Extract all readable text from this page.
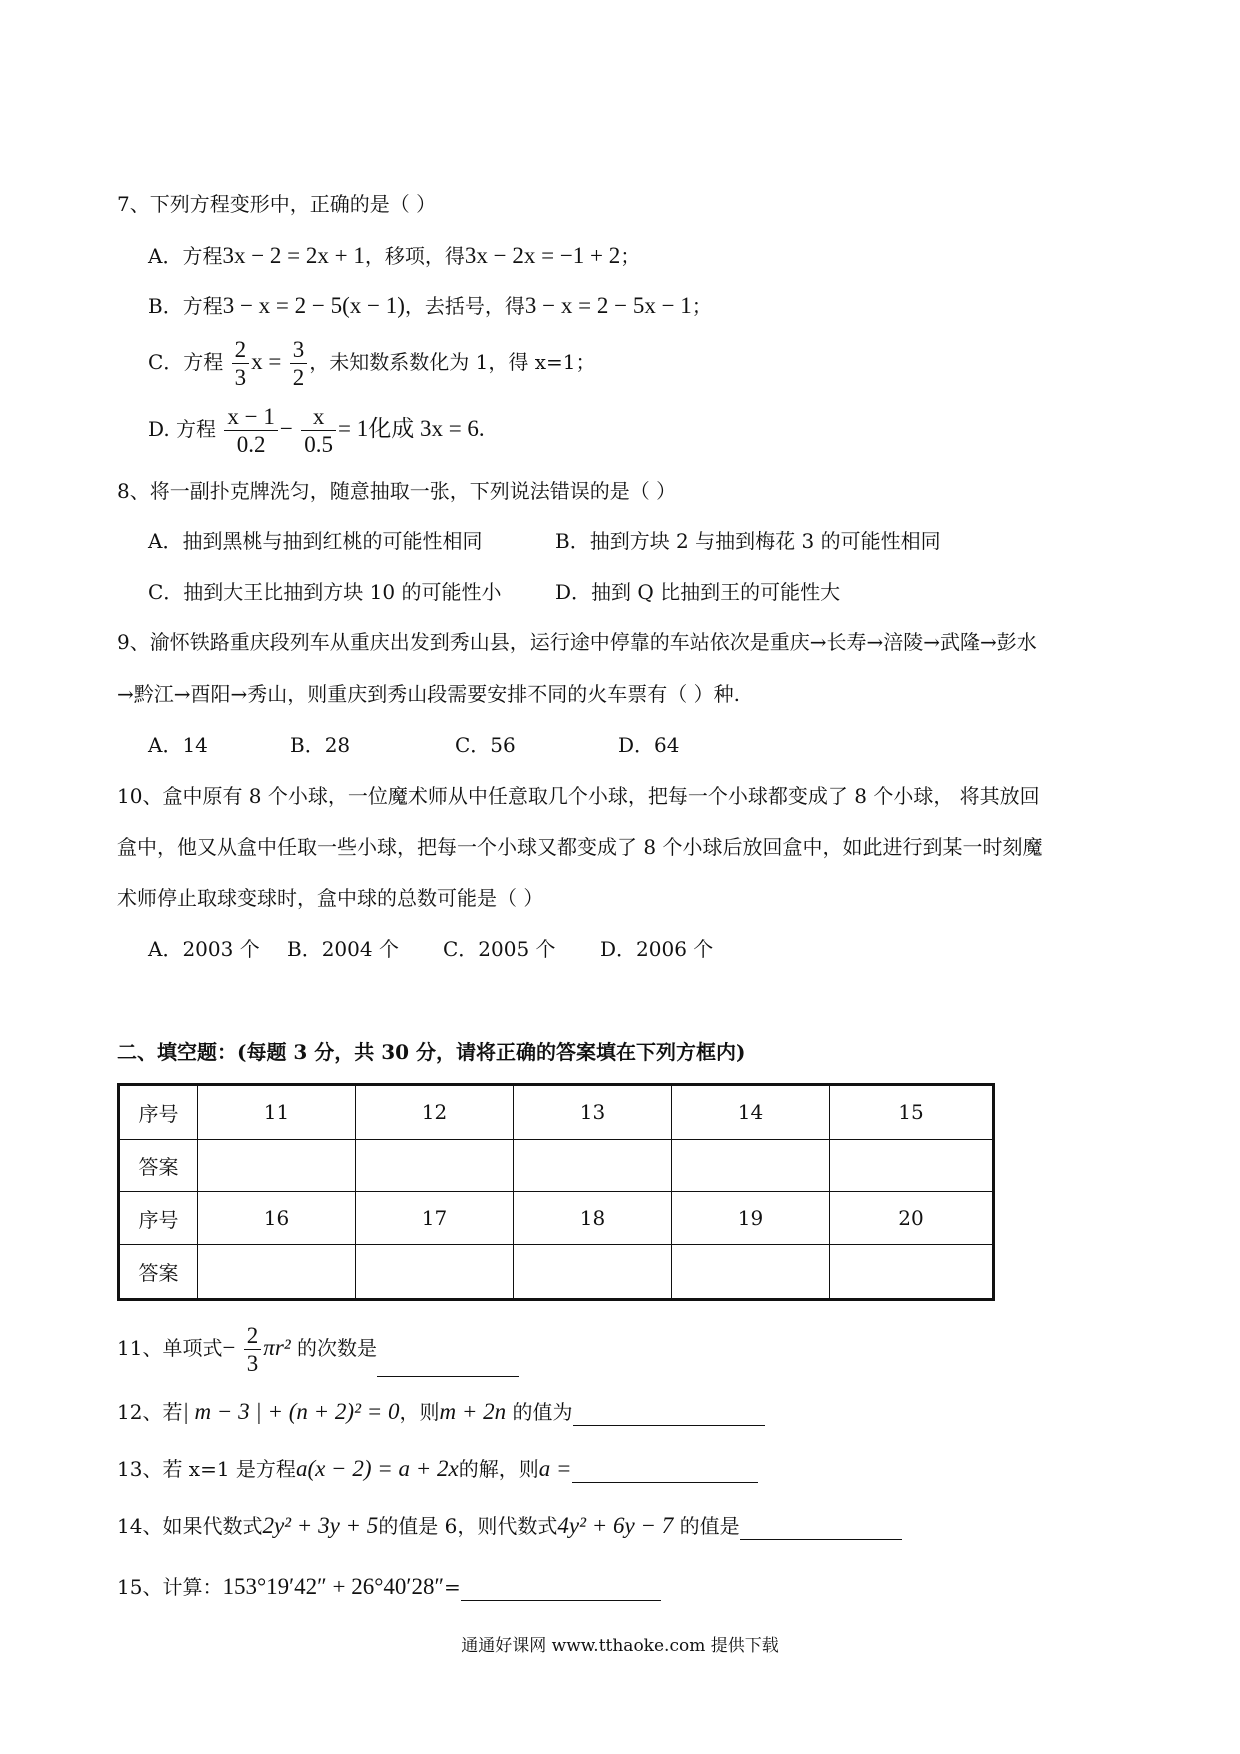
7、下列方程变形中，正确的是（ ）
A．方程3x − 2 = 2x + 1，移项，得3x − 2x = −1 + 2；
B．方程3 − x = 2 − 5(x − 1)，去括号，得3 − x = 2 − 5x − 1；
C．方程 $\frac{2}{3}$ $x = \frac{3}{2}$ ，未知数系数化为 1，得 x=1；
D. 方程 $\frac{x - 1}{0.2} - \frac{x}{0.5} = 1$化成 3x = 6.
8、将一副扑克牌洗匀，随意抽取一张，下列说法错误的是（ ）
A．抽到黑桃与抽到红桃的可能性相同	B．抽到方块 2 与抽到梅花 3 的可能性相同
C．抽到大王比抽到方块 10 的可能性小	D．抽到 Q 比抽到王的可能性大
9、渝怀铁路重庆段列车从重庆出发到秀山县，运行途中停靠的车站依次是重庆→长寿→涪陵→武隆→彭水
→黔江→酉阳→秀山，则重庆到秀山段需要安排不同的火车票有（ ）种.
A．14	B．28	C．56	D．64
10、盒中原有 8 个小球，一位魔术师从中任意取几个小球，把每一个小球都变成了 8 个小球， 将其放回
盒中，他又从盒中任取一些小球，把每一个小球又都变成了 8 个小球后放回盒中，如此进行到某一时刻魔
术师停止取球变球时，盒中球的总数可能是（ ）
A．2003 个 B．2004 个 C．2005 个 D．2006 个
二、填空题：(每题 3 分，共 30 分，请将正确的答案填在下列方框内)
序号	11	12	13	14	15
答案					
序号	16	17	18	19	20
答案					
11、单项式− $\frac{2}{3} \pi r^2$ 的次数是
12、若| m − 3 | + (n + 2)² = 0，则m + 2n 的值为
13、若 x=1 是方程a(x − 2) = a + 2x的解，则a =
14、如果代数式2y² + 3y + 5的值是 6，则代数式4y² + 6y − 7 的值是
15、计算：153°19′42″ + 26°40′28″=
通通好课网 www.tthaoke.com 提供下载
